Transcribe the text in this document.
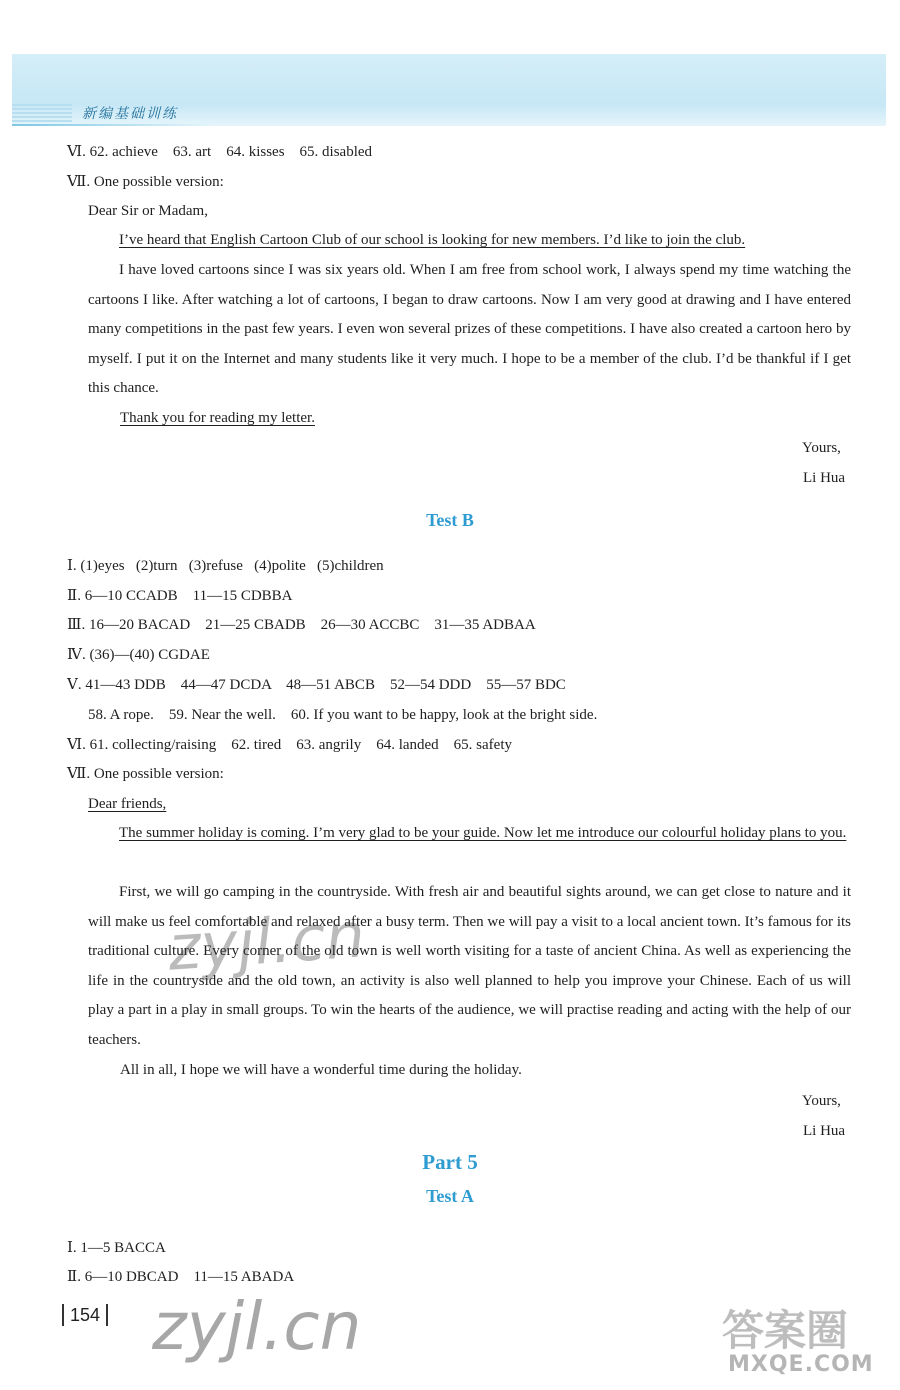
新编基础训练
Ⅵ. 62. achieve    63. art    64. kisses    65. disabled
Ⅶ. One possible version:
Dear Sir or Madam,
I’ve heard that English Cartoon Club of our school is looking for new members. I’d like to join the club.
I have loved cartoons since I was six years old. When I am free from school work, I always spend my time watching the cartoons I like. After watching a lot of cartoons, I began to draw cartoons. Now I am very good at drawing and I have entered many competitions in the past few years. I even won several prizes of these competitions. I have also created a cartoon hero by myself. I put it on the Internet and many students like it very much. I hope to be a member of the club. I’d be thankful if I get this chance.
Thank you for reading my letter.
Yours,
Li Hua
Test B
Ⅰ. (1)eyes   (2)turn   (3)refuse   (4)polite   (5)children
Ⅱ. 6—10 CCADB    11—15 CDBBA
Ⅲ. 16—20 BACAD    21—25 CBADB    26—30 ACCBC    31—35 ADBAA
Ⅳ. (36)—(40) CGDAE
Ⅴ. 41—43 DDB    44—47 DCDA    48—51 ABCB    52—54 DDD    55—57 BDC
58. A rope.    59. Near the well.    60. If you want to be happy, look at the bright side.
Ⅵ. 61. collecting/raising    62. tired    63. angrily    64. landed    65. safety
Ⅶ. One possible version:
Dear friends,
The summer holiday is coming. I’m very glad to be your guide. Now let me introduce our colourful holiday plans to you.
First, we will go camping in the countryside. With fresh air and beautiful sights around, we can get close to nature and it will make us feel comfortable and relaxed after a busy term. Then we will pay a visit to a local ancient town. It’s famous for its traditional culture. Every corner of the old town is well worth visiting for a taste of ancient China. As well as experiencing the life in the countryside and the old town, an activity is also well planned to help you improve your Chinese. Each of us will play a part in a play in small groups. To win the hearts of the audience, we will practise reading and acting with the help of our teachers.
All in all, I hope we will have a wonderful time during the holiday.
Yours,
Li Hua
Part 5
Test A
Ⅰ. 1—5 BACCA
Ⅱ. 6—10 DBCAD    11—15 ABADA
154
zyjl.cn
zyjl.cn	答案圈
MXQE.COM
